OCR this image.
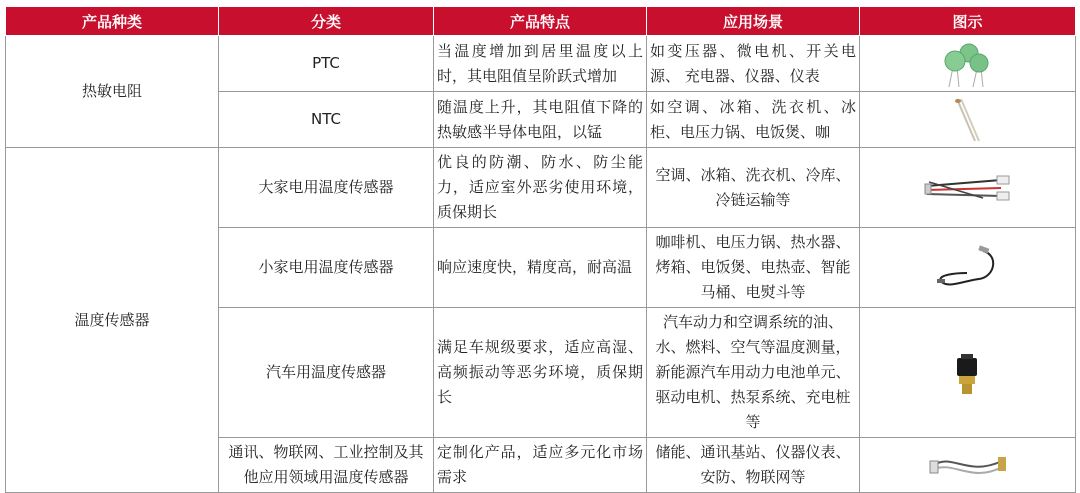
产品种类	分类	产品特点	应用场景	图示
热敏电阻	PTC	当温度增加到居里温度以上时，其电阻值呈阶跃式增加	如变压器、微电机、开关电源、 充电器、仪器、仪表	
	NTC	随温度上升，其电阻值下降的热敏感半导体电阻，以锰	如空调、冰箱、洗衣机、冰柜、电压力锅、电饭煲、咖	
温度传感器	大家电用温度传感器	优良的防潮、防水、防尘能力，适应室外恶劣使用环境，质保期长	空调、冰箱、洗衣机、冷库、冷链运输等	
	小家电用温度传感器	响应速度快，精度高，耐高温	咖啡机、电压力锅、热水器、烤箱、电饭煲、电热壶、智能马桶、电熨斗等	
	汽车用温度传感器	满足车规级要求，适应高湿、高频振动等恶劣环境，质保期长	汽车动力和空调系统的油、水、燃料、空气等温度测量，新能源汽车用动力电池单元、驱动电机、热泵系统、充电桩等	
	通讯、物联网、工业控制及其他应用领域用温度传感器	定制化产品，适应多元化市场需求	储能、通讯基站、仪器仪表、安防、物联网等	
